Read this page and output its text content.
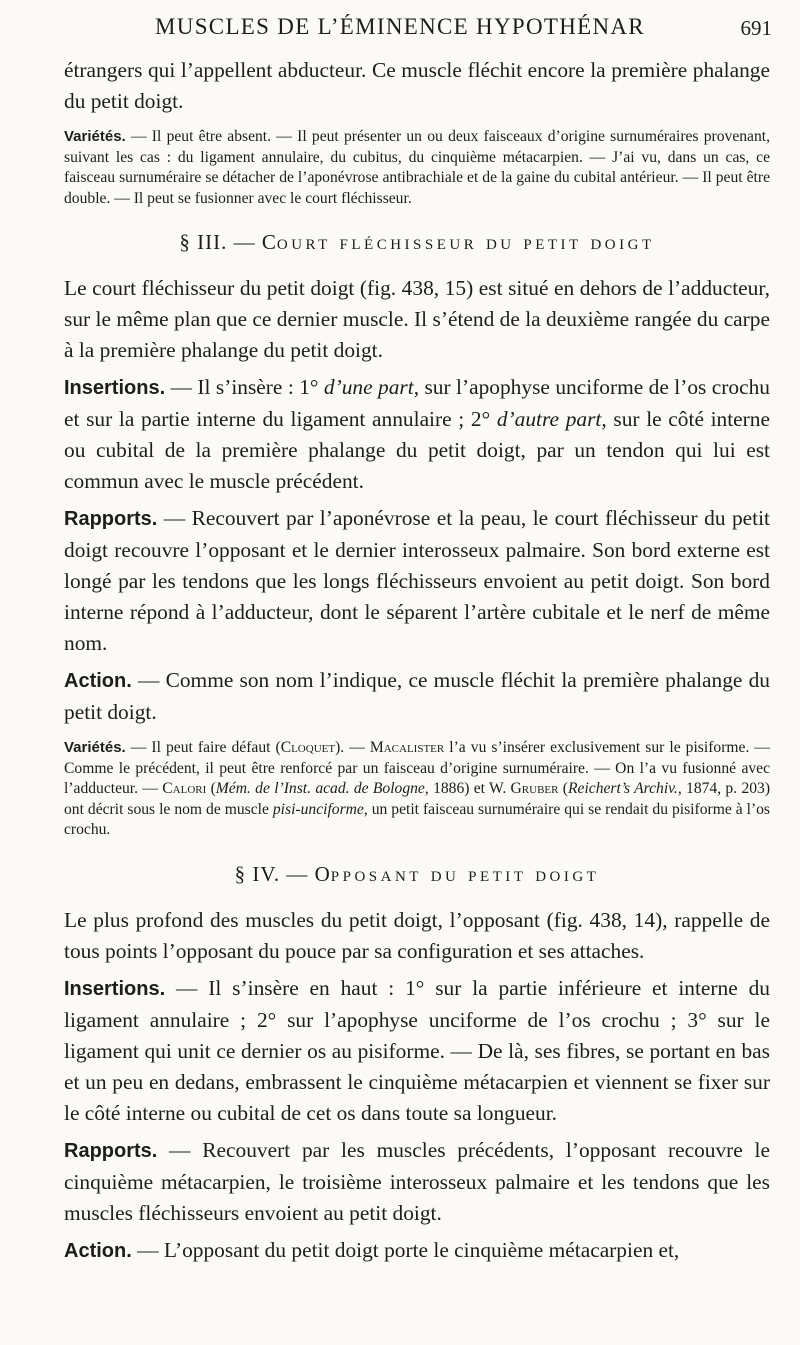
MUSCLES DE L’ÉMINENCE HYPOTHÉNAR	691

étrangers qui l’appellent abducteur. Ce muscle fléchit encore la première phalange du petit doigt.

Variétés. — Il peut être absent. — Il peut présenter un ou deux faisceaux d’origine surnuméraires provenant, suivant les cas : du ligament annulaire, du cubitus, du cinquième métacarpien. — J’ai vu, dans un cas, ce faisceau surnuméraire se détacher de l’aponévrose antibrachiale et de la gaine du cubital antérieur. — Il peut être double. — Il peut se fusionner avec le court fléchisseur.

§ III. — Court fléchisseur du petit doigt

Le court fléchisseur du petit doigt (fig. 438, 15) est situé en dehors de l’adducteur, sur le même plan que ce dernier muscle. Il s’étend de la deuxième rangée du carpe à la première phalange du petit doigt.

Insertions. — Il s’insère : 1° d’une part, sur l’apophyse unciforme de l’os crochu et sur la partie interne du ligament annulaire ; 2° d’autre part, sur le côté interne ou cubital de la première phalange du petit doigt, par un tendon qui lui est commun avec le muscle précédent.

Rapports. — Recouvert par l’aponévrose et la peau, le court fléchisseur du petit doigt recouvre l’opposant et le dernier interosseux palmaire. Son bord externe est longé par les tendons que les longs fléchisseurs envoient au petit doigt. Son bord interne répond à l’adducteur, dont le séparent l’artère cubitale et le nerf de même nom.

Action. — Comme son nom l’indique, ce muscle fléchit la première phalange du petit doigt.

Variétés. — Il peut faire défaut (Cloquet). — Macalister l’a vu s’insérer exclusivement sur le pisiforme. — Comme le précédent, il peut être renforcé par un faisceau d’origine surnuméraire. — On l’a vu fusionné avec l’adducteur. — Calori (Mém. de l’Inst. acad. de Bologne, 1886) et W. Gruber (Reichert’s Archiv., 1874, p. 203) ont décrit sous le nom de muscle pisi-unciforme, un petit faisceau surnuméraire qui se rendait du pisiforme à l’os crochu.

§ IV. — Opposant du petit doigt

Le plus profond des muscles du petit doigt, l’opposant (fig. 438, 14), rappelle de tous points l’opposant du pouce par sa configuration et ses attaches.

Insertions. — Il s’insère en haut : 1° sur la partie inférieure et interne du ligament annulaire ; 2° sur l’apophyse unciforme de l’os crochu ; 3° sur le ligament qui unit ce dernier os au pisiforme. — De là, ses fibres, se portant en bas et un peu en dedans, embrassent le cinquième métacarpien et viennent se fixer sur le côté interne ou cubital de cet os dans toute sa longueur.

Rapports. — Recouvert par les muscles précédents, l’opposant recouvre le cinquième métacarpien, le troisième interosseux palmaire et les tendons que les muscles fléchisseurs envoient au petit doigt.

Action. — L’opposant du petit doigt porte le cinquième métacarpien et,
